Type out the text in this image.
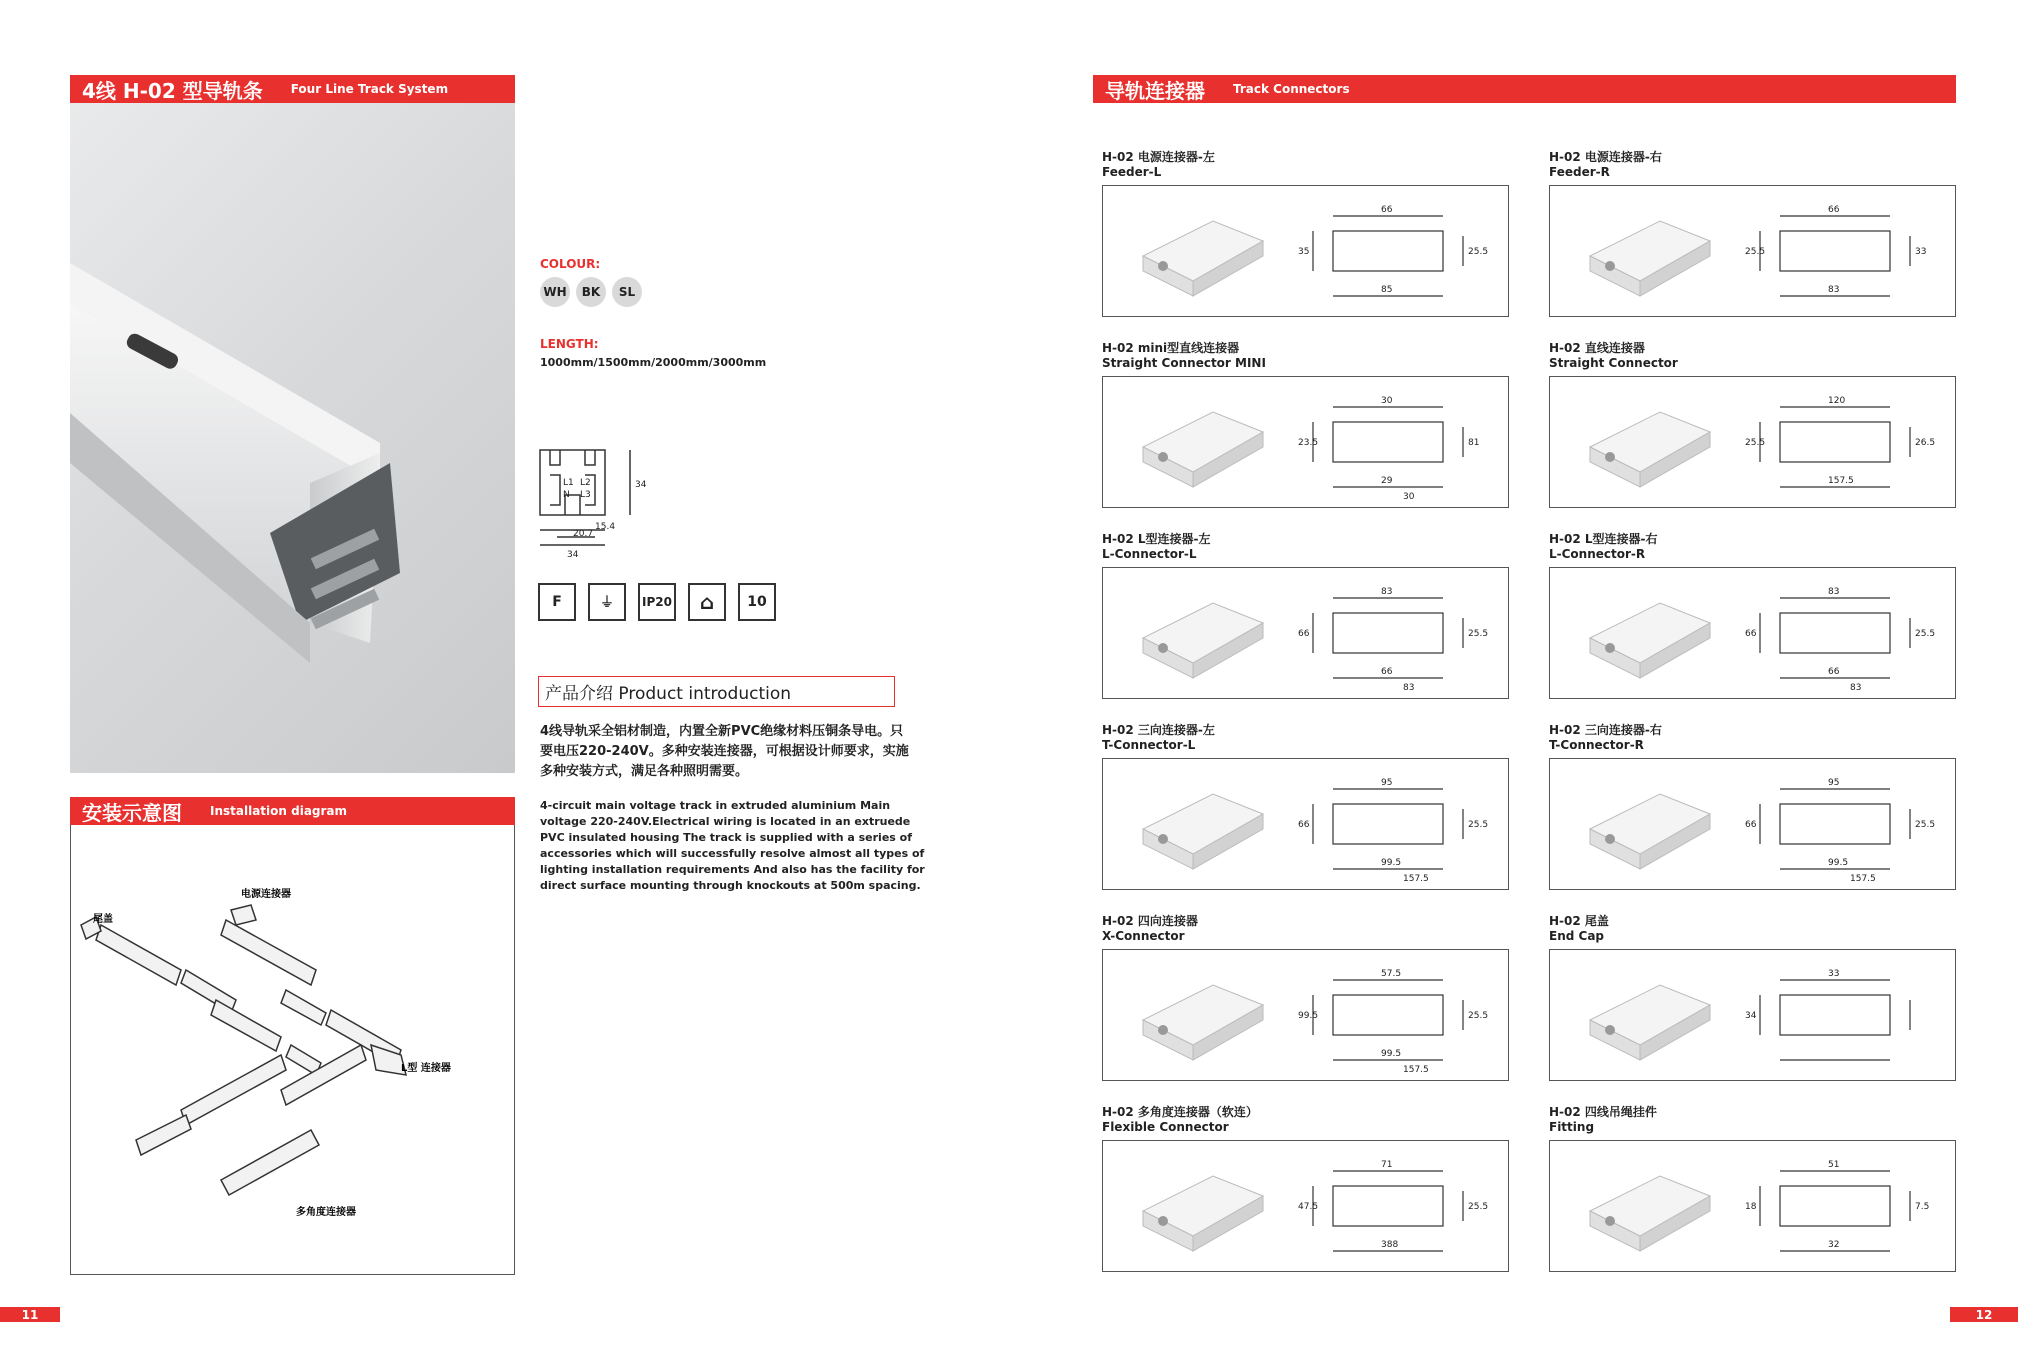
4线 H-02 型导轨条 Four Line Track System
安装示意图 Installation diagram
电源连接器
尾盖
L型 连接器
多角度连接器
11
COLOUR:
WH	BK	SL
LENGTH:
1000mm/1500mm/2000mm/3000mm
L1 L2
N L3
34
15.4
20.7
34
F	⏚	IP20	⌂	10
产品介绍 Product introduction
4线导轨采全铝材制造，内置全新PVC绝缘材料压铜条导电。只要电压220-240V。多种安装连接器，可根据设计师要求，实施多种安装方式，满足各种照明需要。
4-circuit main voltage track in extruded aluminium Main voltage 220-240V.Electrical wiring is located in an extruede PVC insulated housing The track is supplied with a series of accessories which will successfully resolve almost all types of lighting installation requirements And also has the facility for direct surface mounting through knockouts at 500m spacing.
导轨连接器 Track Connectors
H-02 电源连接器-左
Feeder-L
66
35	25.5
85
H-02 电源连接器-右
Feeder-R
66
25.5	33
83
H-02 mini型直线连接器
Straight Connector MINI
30
23.5	81
29
30
H-02 直线连接器
Straight Connector
120
25.5	26.5
157.5
H-02 L型连接器-左
L-Connector-L
83
66	25.5
66
83
H-02 L型连接器-右
L-Connector-R
83
66	25.5
66
83
H-02 三向连接器-左
T-Connector-L
95
66	25.5
99.5
157.5
H-02 三向连接器-右
T-Connector-R
95
66	25.5
99.5
157.5
H-02 四向连接器
X-Connector
57.5
99.5	25.5
99.5
157.5
H-02 尾盖
End Cap
33
34
H-02 多角度连接器（软连）
Flexible Connector
71
47.5	25.5
388
H-02 四线吊绳挂件
Fitting
51
18	7.5
32
12
